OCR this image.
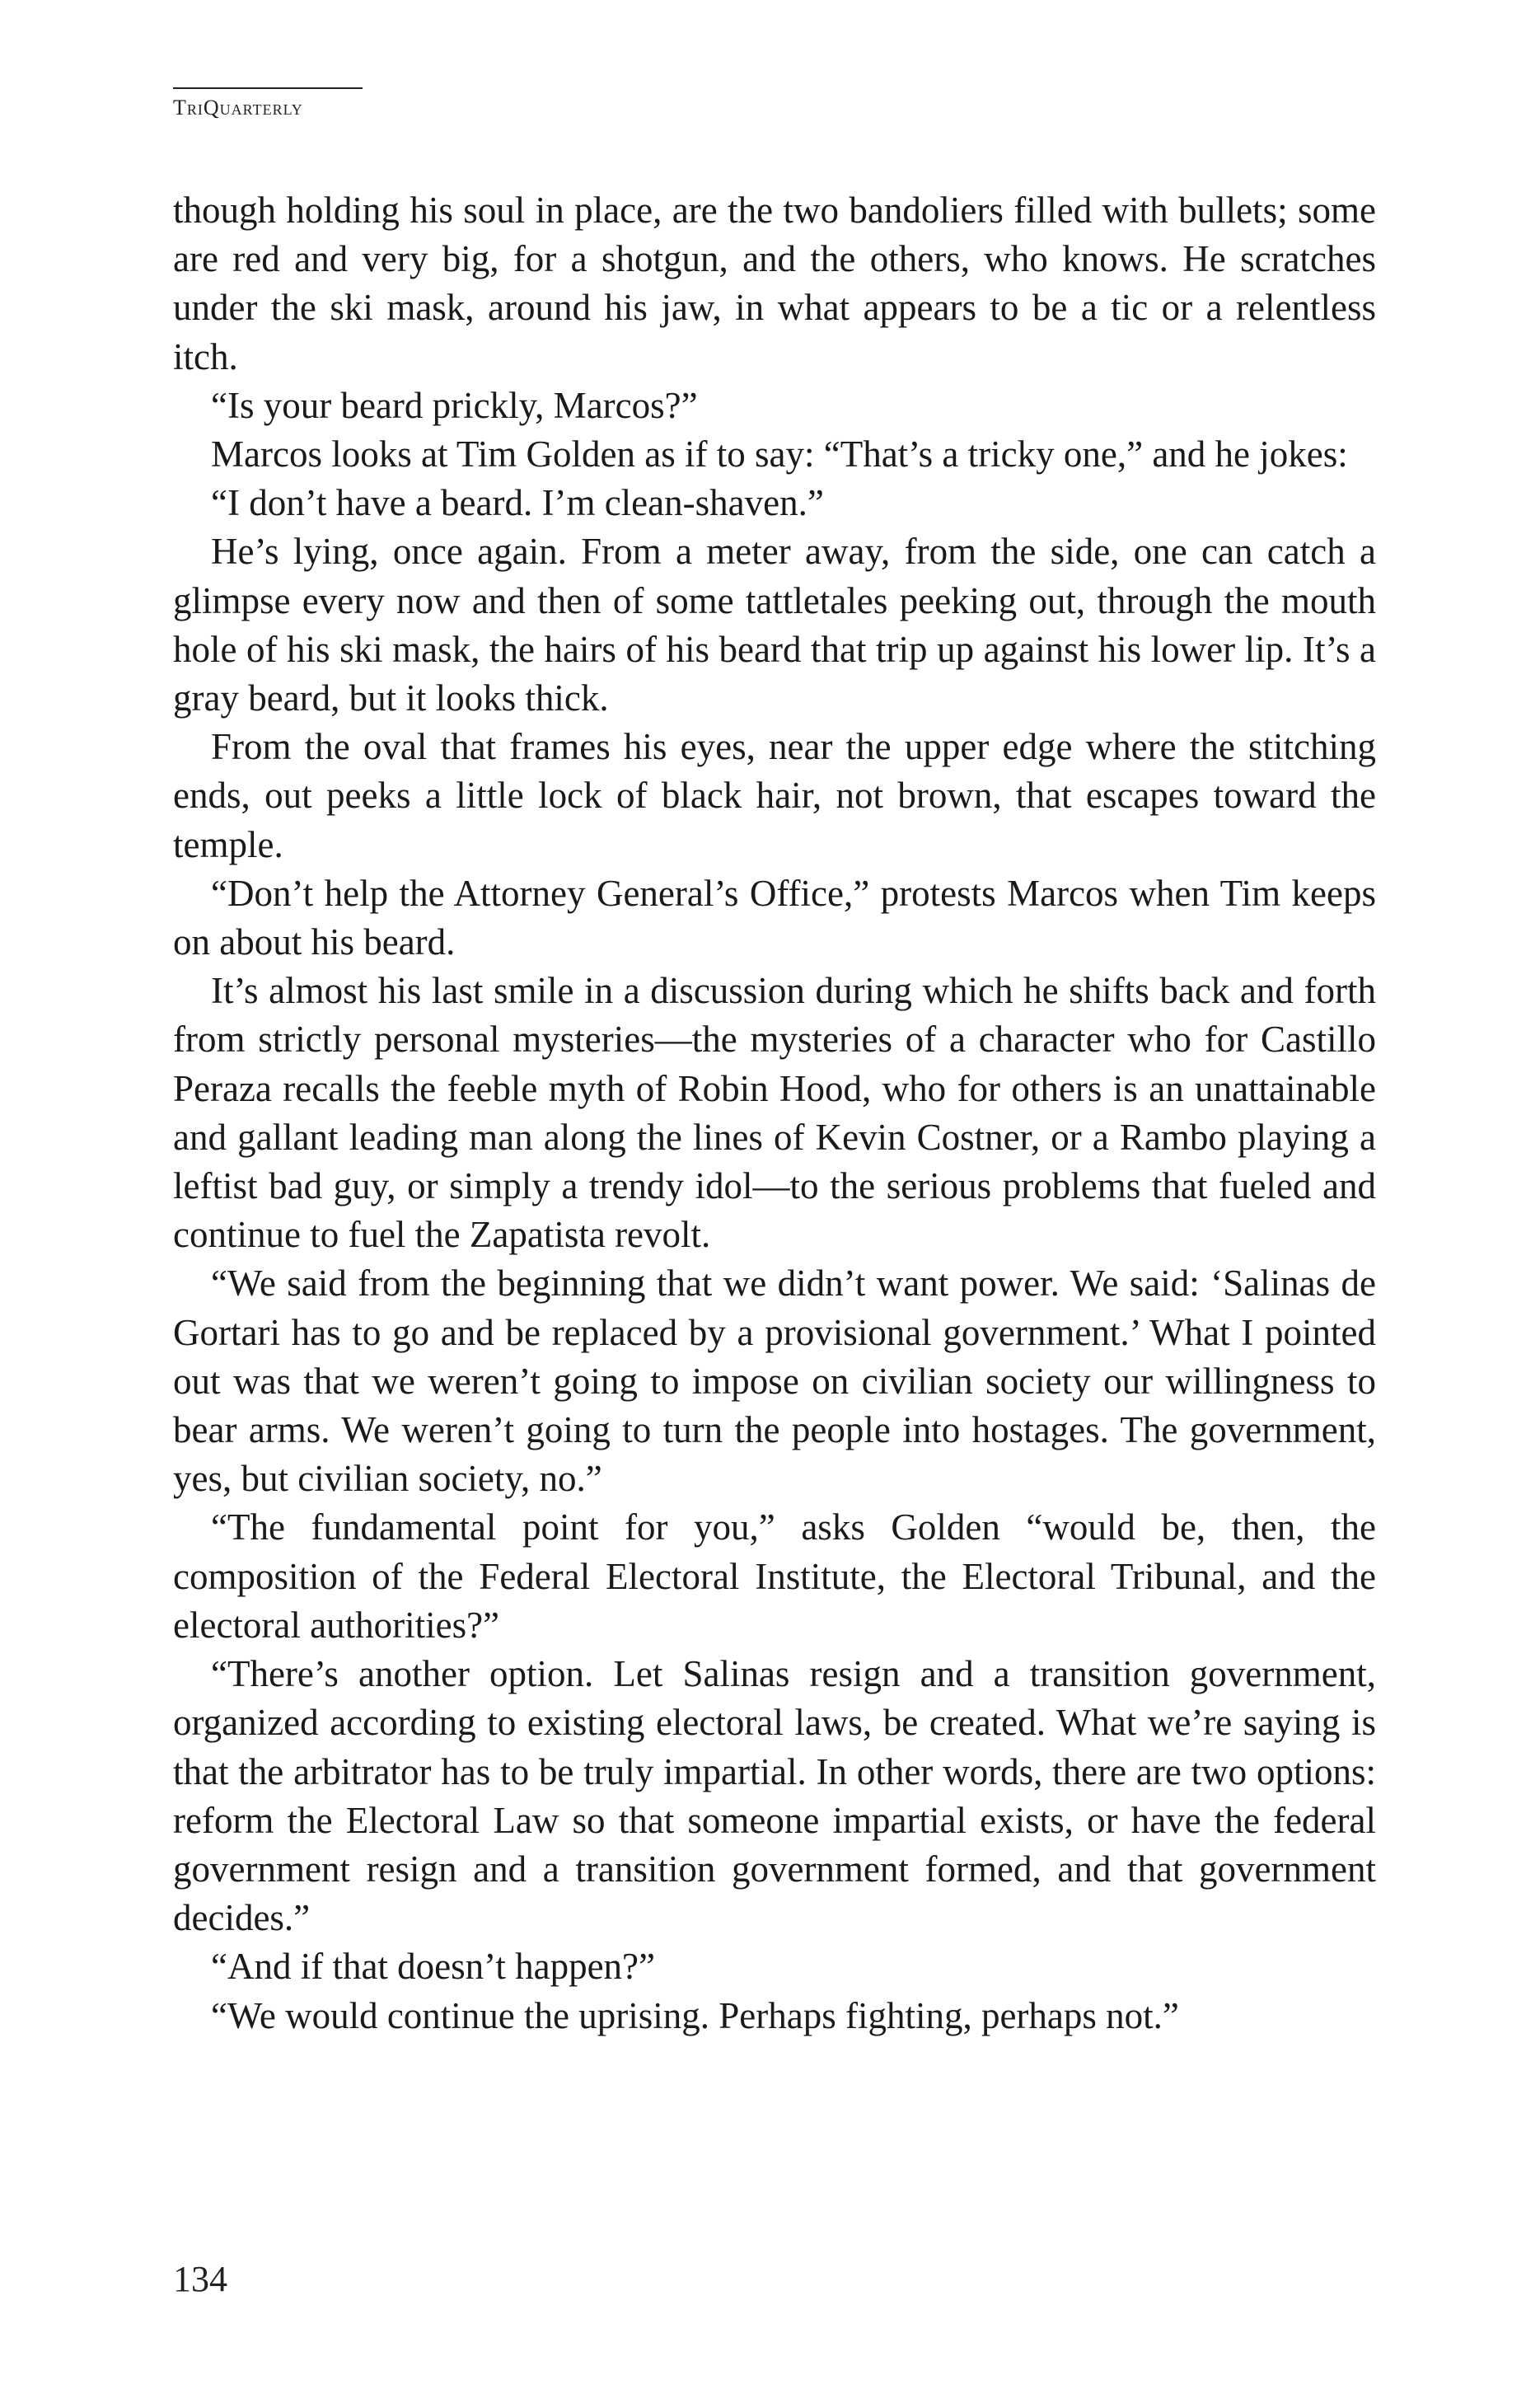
TriQuarterly

though holding his soul in place, are the two bandoliers filled with bullets; some are red and very big, for a shotgun, and the others, who knows. He scratches under the ski mask, around his jaw, in what appears to be a tic or a relentless itch.

“Is your beard prickly, Marcos?”

Marcos looks at Tim Golden as if to say: “That’s a tricky one,” and he jokes:

“I don’t have a beard. I’m clean-shaven.”

He’s lying, once again. From a meter away, from the side, one can catch a glimpse every now and then of some tattletales peeking out, through the mouth hole of his ski mask, the hairs of his beard that trip up against his lower lip. It’s a gray beard, but it looks thick.

From the oval that frames his eyes, near the upper edge where the stitching ends, out peeks a little lock of black hair, not brown, that escapes toward the temple.

“Don’t help the Attorney General’s Office,” protests Marcos when Tim keeps on about his beard.

It’s almost his last smile in a discussion during which he shifts back and forth from strictly personal mysteries—the mysteries of a character who for Castillo Peraza recalls the feeble myth of Robin Hood, who for others is an unattainable and gallant leading man along the lines of Kevin Costner, or a Rambo playing a leftist bad guy, or simply a trendy idol—to the serious problems that fueled and continue to fuel the Zapatista revolt.

“We said from the beginning that we didn’t want power. We said: ‘Salinas de Gortari has to go and be replaced by a provisional government.’ What I pointed out was that we weren’t going to impose on civilian society our willingness to bear arms. We weren’t going to turn the people into hostages. The government, yes, but civilian society, no.”

“The fundamental point for you,” asks Golden “would be, then, the composition of the Federal Electoral Institute, the Electoral Tribunal, and the electoral authorities?”

“There’s another option. Let Salinas resign and a transition government, organized according to existing electoral laws, be created. What we’re saying is that the arbitrator has to be truly impartial. In other words, there are two options: reform the Electoral Law so that someone impartial exists, or have the federal government resign and a transition government formed, and that government decides.”

“And if that doesn’t happen?”

“We would continue the uprising. Perhaps fighting, perhaps not.”

134
